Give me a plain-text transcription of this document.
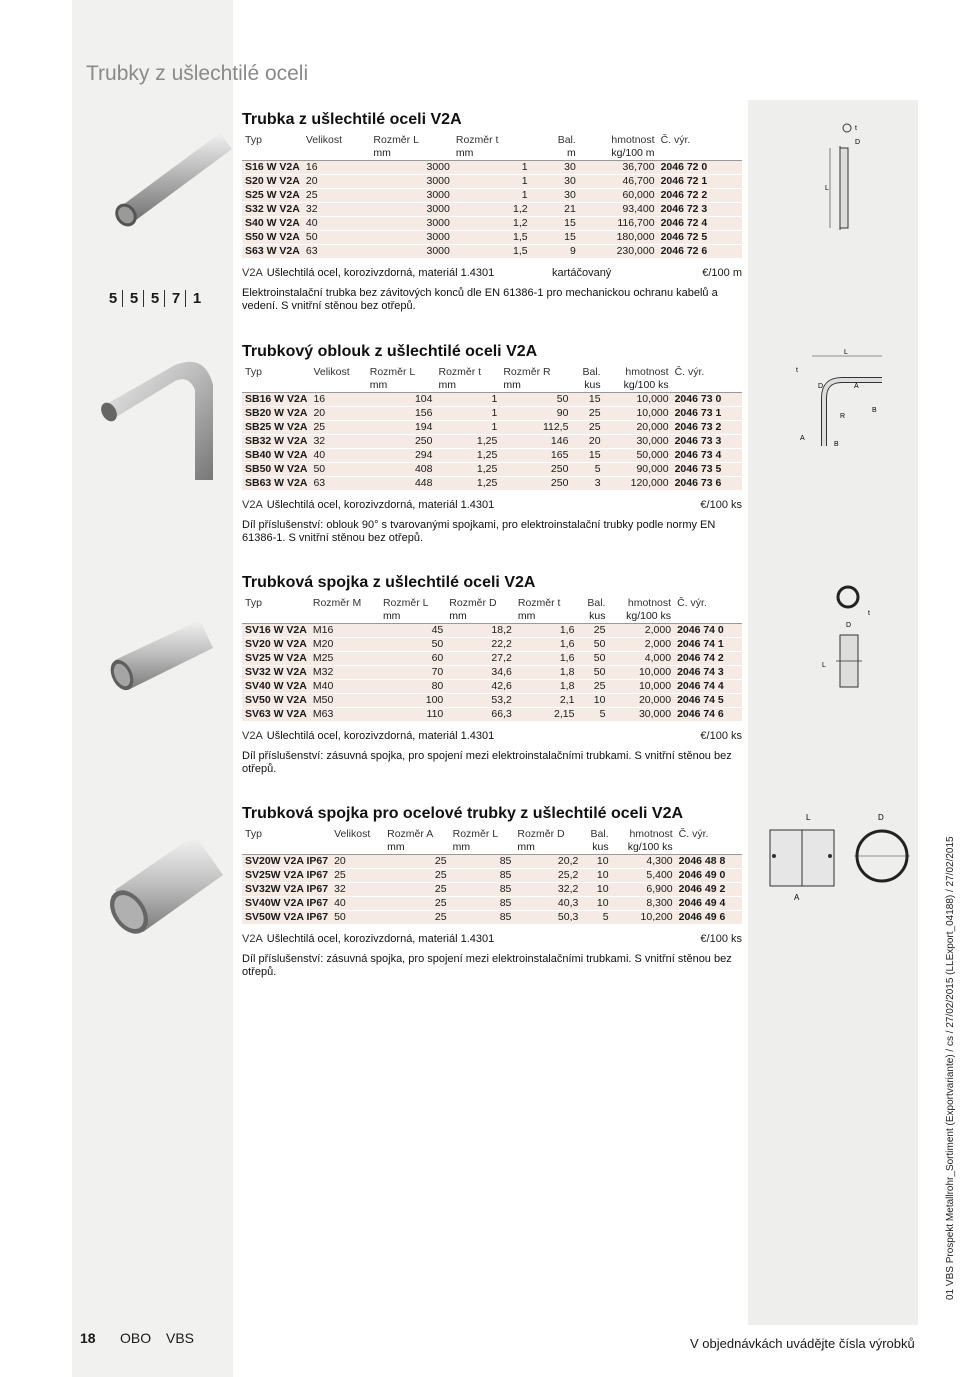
Trubky z ušlechtilé oceli
5 5 5 7 1
L
t
D
L
t
D	A
R
B
A
B
t
D
L
L	D
A
Trubka z ušlechtilé oceli V2A
Typ	Velikost	Rozměr L	Rozměr t		Bal.	hmotnost	Č. výr.
		mm	mm		m	kg/100 m	
S16 W V2A	16	3000	1		30	36,700	2046 72 0
S20 W V2A	20	3000	1		30	46,700	2046 72 1
S25 W V2A	25	3000	1		30	60,000	2046 72 2
S32 W V2A	32	3000	1,2		21	93,400	2046 72 3
S40 W V2A	40	3000	1,2		15	116,700	2046 72 4
S50 W V2A	50	3000	1,5		15	180,000	2046 72 5
S63 W V2A	63	3000	1,5		9	230,000	2046 72 6
V2A Ušlechtilá ocel, korozivzdorná, materiál 1.4301	kartáčovaný	€/100 m
Elektroinstalační trubka bez závitových konců dle EN 61386-1 pro mechanickou ochranu kabelů a vedení. S vnitřní stěnou bez otřepů.
Trubkový oblouk z ušlechtilé oceli V2A
Typ	Velikost	Rozměr L	Rozměr t	Rozměr R	Bal.	hmotnost	Č. výr.
		mm	mm	mm	kus	kg/100 ks	
SB16 W V2A	16	104	1	50	15	10,000	2046 73 0
SB20 W V2A	20	156	1	90	25	10,000	2046 73 1
SB25 W V2A	25	194	1	112,5	25	20,000	2046 73 2
SB32 W V2A	32	250	1,25	146	20	30,000	2046 73 3
SB40 W V2A	40	294	1,25	165	15	50,000	2046 73 4
SB50 W V2A	50	408	1,25	250	5	90,000	2046 73 5
SB63 W V2A	63	448	1,25	250	3	120,000	2046 73 6
V2A Ušlechtilá ocel, korozivzdorná, materiál 1.4301	€/100 ks
Díl příslušenství: oblouk 90° s tvarovanými spojkami, pro elektroinstalační trubky podle normy EN 61386-1. S vnitřní stěnou bez otřepů.
Trubková spojka z ušlechtilé oceli V2A
Typ	Rozměr M	Rozměr L	Rozměr D	Rozměr t	Bal.	hmotnost	Č. výr.
		mm	mm	mm	kus	kg/100 ks	
SV16 W V2A	M16	45	18,2	1,6	25	2,000	2046 74 0
SV20 W V2A	M20	50	22,2	1,6	50	2,000	2046 74 1
SV25 W V2A	M25	60	27,2	1,6	50	4,000	2046 74 2
SV32 W V2A	M32	70	34,6	1,8	50	10,000	2046 74 3
SV40 W V2A	M40	80	42,6	1,8	25	10,000	2046 74 4
SV50 W V2A	M50	100	53,2	2,1	10	20,000	2046 74 5
SV63 W V2A	M63	110	66,3	2,15	5	30,000	2046 74 6
V2A Ušlechtilá ocel, korozivzdorná, materiál 1.4301	€/100 ks
Díl příslušenství: zásuvná spojka, pro spojení mezi elektroinstalačními trubkami. S vnitřní stěnou bez otřepů.
Trubková spojka pro ocelové trubky z ušlechtilé oceli V2A
Typ	Velikost	Rozměr A	Rozměr L	Rozměr D	Bal.	hmotnost	Č. výr.
		mm	mm	mm	kus	kg/100 ks	
SV20W V2A IP67	20	25	85	20,2	10	4,300	2046 48 8
SV25W V2A IP67	25	25	85	25,2	10	5,400	2046 49 0
SV32W V2A IP67	32	25	85	32,2	10	6,900	2046 49 2
SV40W V2A IP67	40	25	85	40,3	10	8,300	2046 49 4
SV50W V2A IP67	50	25	85	50,3	5	10,200	2046 49 6
V2A Ušlechtilá ocel, korozivzdorná, materiál 1.4301	€/100 ks
Díl příslušenství: zásuvná spojka, pro spojení mezi elektroinstalačními trubkami. S vnitřní stěnou bez otřepů.
18 OBO VBS	V objednávkách uvádějte čísla výrobků
01 VBS Prospekt Metallrohr_Sortiment (Exportvariante) / cs / 27/02/2015 (LLExport_04188) / 27/02/2015
